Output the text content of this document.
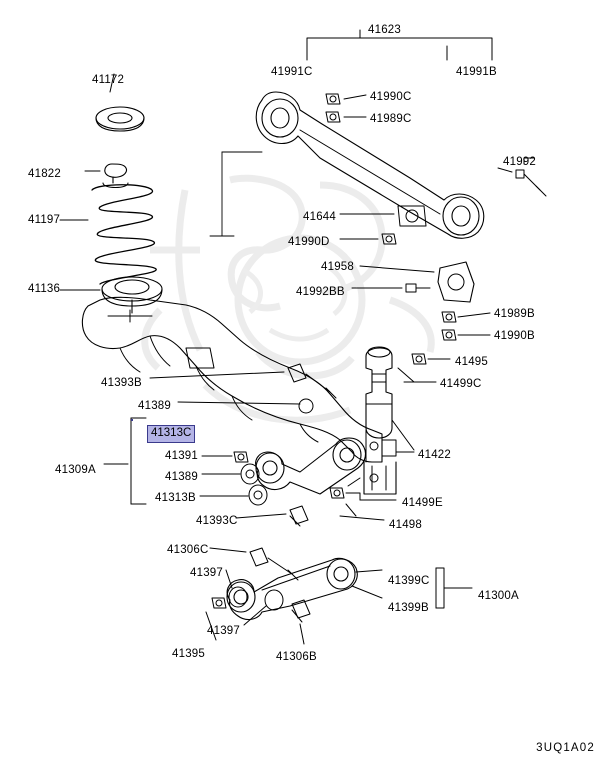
41623
41172
41991C	41991B
41990C
41989C
41992
41822
41197	41644
41990D
41958
41992BB
41136
41989B
41990B
41495
41499C
41393B
41389
41422
41309A
41391
41389
41313B	41499E
41393C	41498
41306C
41397
41399C
41300A
41399B
41397
41395	41306B
41313C
3UQ1A02
